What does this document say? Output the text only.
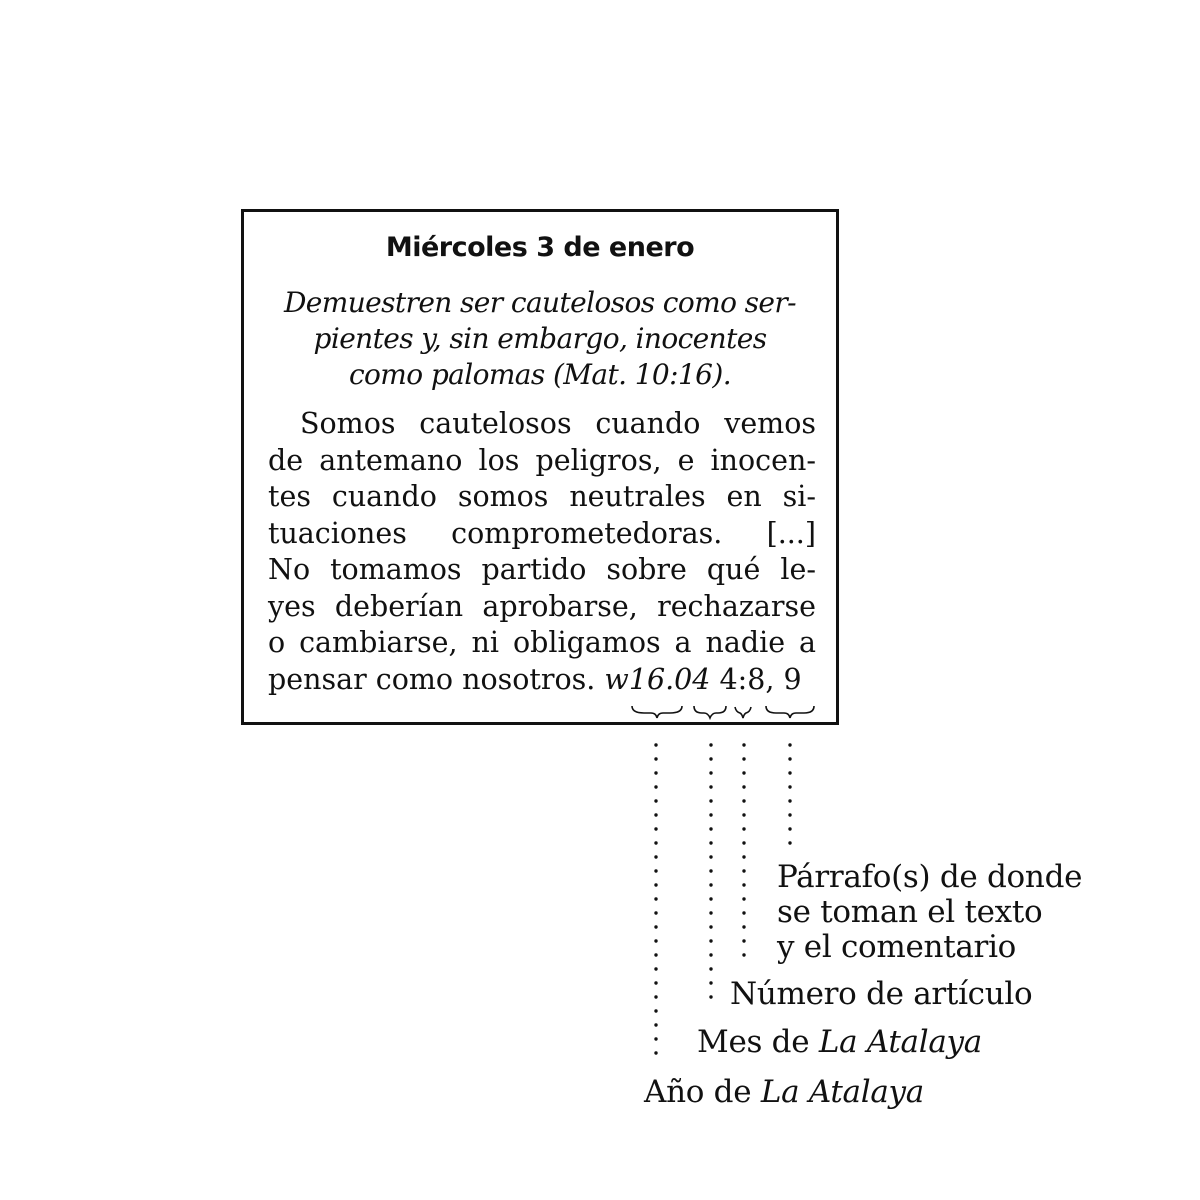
Miércoles 3 de enero
Demuestren ser cautelosos como ser-
pientes y, sin embargo, inocentes
como palomas (Mat. 10:16).
Somos cautelosos cuando vemos
de antemano los peligros, e inocen-
tes cuando somos neutrales en si-
tuaciones comprometedoras. [...]
No tomamos partido sobre qué le-
yes deberían aprobarse, rechazarse
o cambiarse, ni obligamos a nadie a
pensar como nosotros. w16.04 4:8, 9
Párrafo(s) de donde
se toman el texto
y el comentario
Número de artículo
Mes de La Atalaya
Año de La Atalaya
